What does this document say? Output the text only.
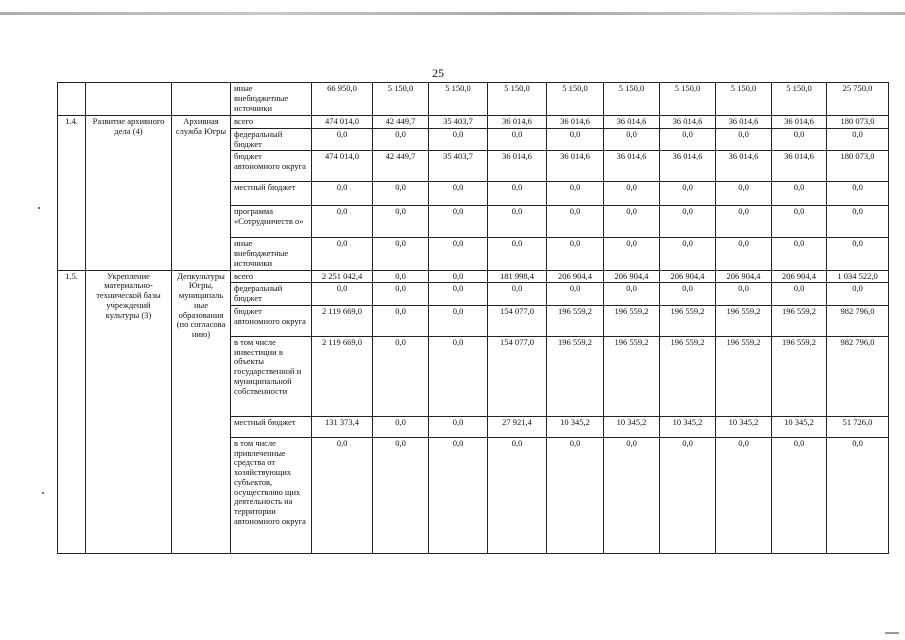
25
			иные внебюджетные источники	66 950,0	5 150,0	5 150,0	5 150,0	5 150,0	5 150,0	5 150,0	5 150,0	5 150,0	25 750,0
1.4.	Развитие архивного дела (4)	Архивная служба Югры	всего	474 014,0	42 449,7	35 403,7	36 014,6	36 014,6	36 014,6	36 014,6	36 014,6	36 014,6	180 073,0
			федеральный бюджет	0,0	0,0	0,0	0,0	0,0	0,0	0,0	0,0	0,0	0,0
			бюджет автономного округа	474 014,0	42 449,7	35 403,7	36 014,6	36 014,6	36 014,6	36 014,6	36 014,6	36 014,6	180 073,0
			местный бюджет	0,0	0,0	0,0	0,0	0,0	0,0	0,0	0,0	0,0	0,0
			программа «Сотрудничеств о»	0,0	0,0	0,0	0,0	0,0	0,0	0,0	0,0	0,0	0,0
			иные внебюджетные источники	0,0	0,0	0,0	0,0	0,0	0,0	0,0	0,0	0,0	0,0
1.5.	Укрепление материально-технической базы учреждений культуры (3)	Депкультуры Югры, муниципаль ные образования (по согласова нию)	всего	2 251 042,4	0,0	0,0	181 998,4	206 904,4	206 904,4	206 904,4	206 904,4	206 904,4	1 034 522,0
			федеральный бюджет	0,0	0,0	0,0	0,0	0,0	0,0	0,0	0,0	0,0	0,0
			бюджет автономного округа	2 119 669,0	0,0	0,0	154 077,0	196 559,2	196 559,2	196 559,2	196 559,2	196 559,2	982 796,0
			в том числе инвестиции в объекты государственной и муниципальной собственности	2 119 669,0	0,0	0,0	154 077,0	196 559,2	196 559,2	196 559,2	196 559,2	196 559,2	982 796,0
			местный бюджет	131 373,4	0,0	0,0	27 921,4	10 345,2	10 345,2	10 345,2	10 345,2	10 345,2	51 726,0
			в том числе привлеченные средства от хозяйствующих субъектов, осуществляю щих деятельность на территории автономного округа	0,0	0,0	0,0	0,0	0,0	0,0	0,0	0,0	0,0	0,0
